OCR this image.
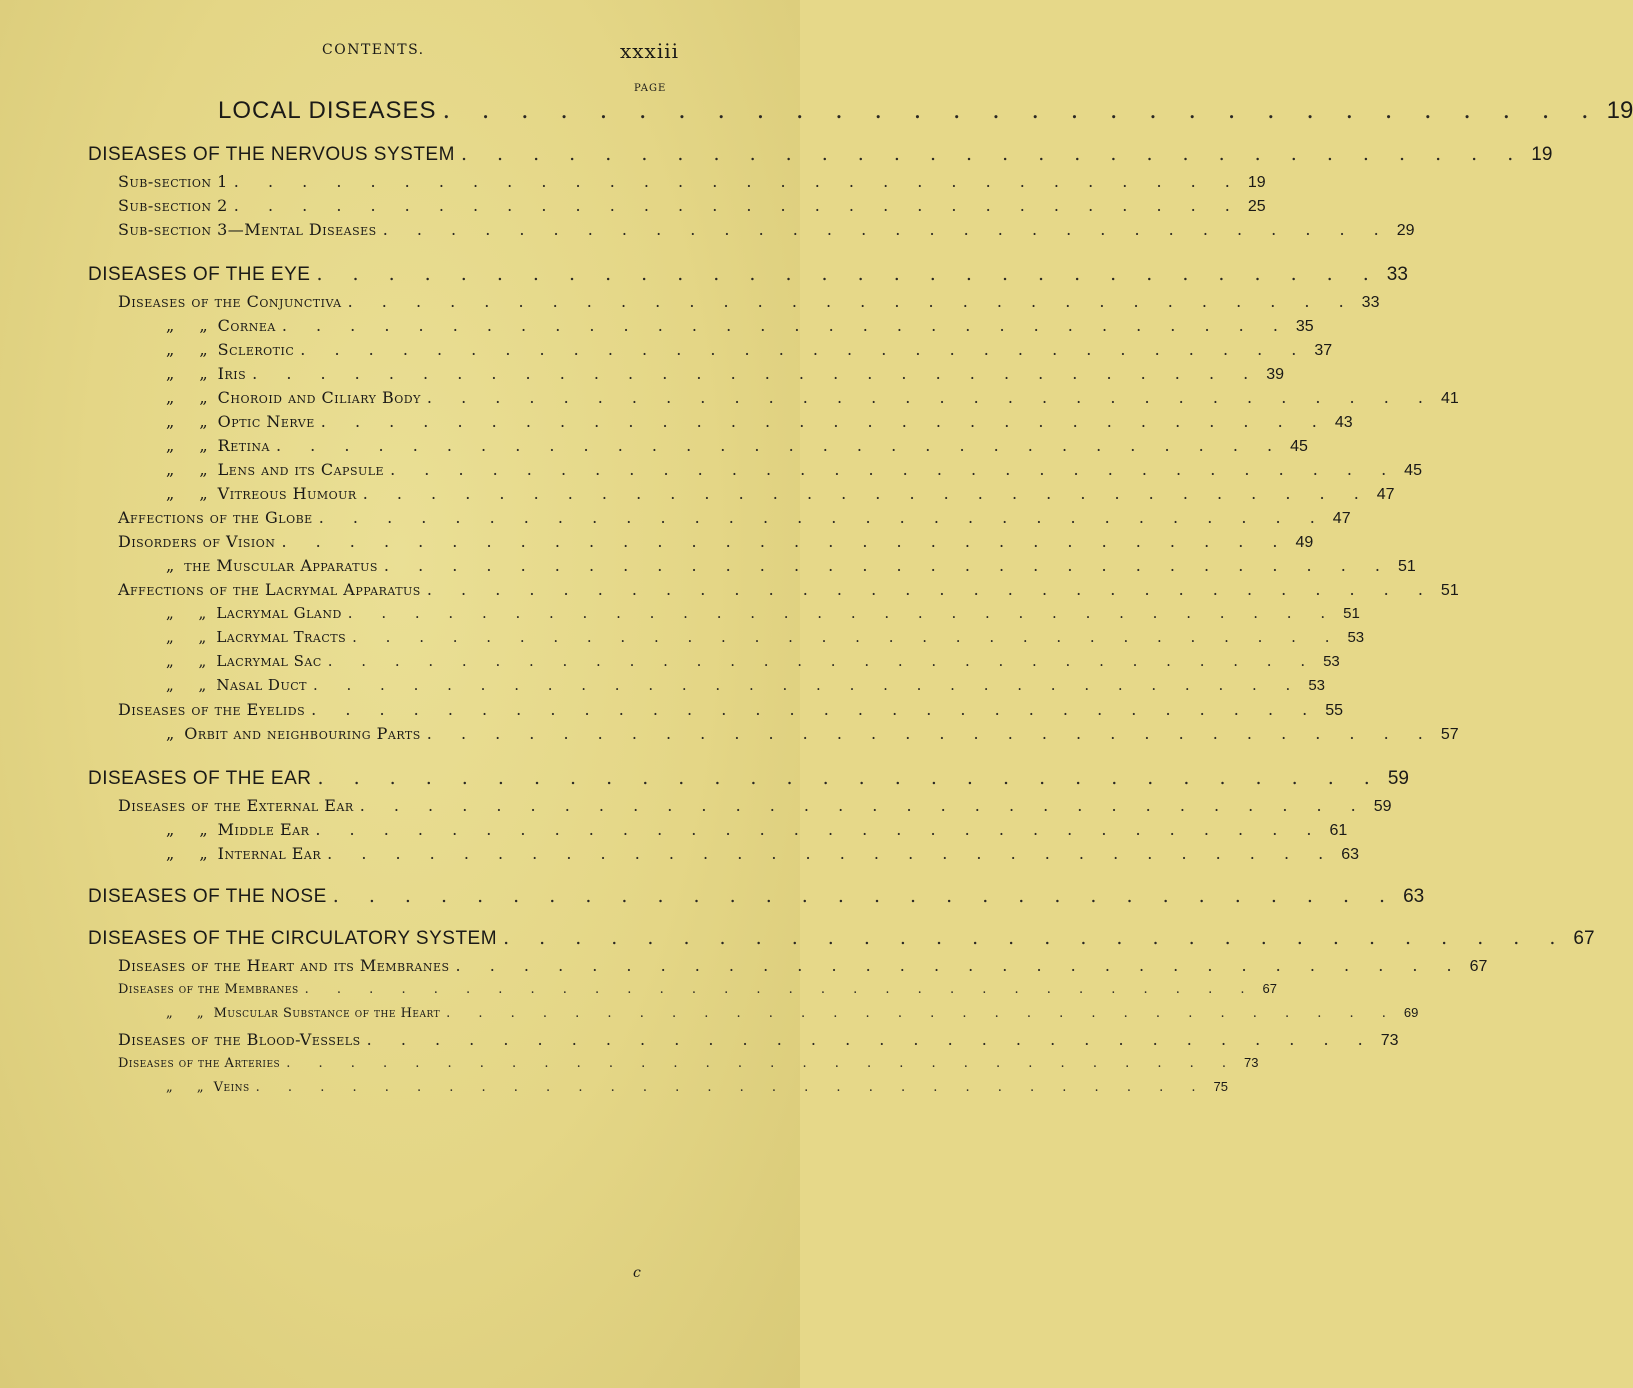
CONTENTS.	xxxiii
PAGE
LOCAL DISEASES . . . . . . . . . . . . . . . . . . . . . . . . . . . . . . 19
DISEASES OF THE NERVOUS SYSTEM . . . . . . . . . . . . . . . . . . . . . . . . . . . . . . 19
Sub-section 1 . . . . . . . . . . . . . . . . . . . . . . . . . . . . . . 19
Sub-section 2 . . . . . . . . . . . . . . . . . . . . . . . . . . . . . . 25
Sub-section 3—Mental Diseases . . . . . . . . . . . . . . . . . . . . . . . . . . . . . . 29
DISEASES OF THE EYE . . . . . . . . . . . . . . . . . . . . . . . . . . . . . . 33
Diseases of the Conjunctiva . . . . . . . . . . . . . . . . . . . . . . . . . . . . . . 33
„ „ Cornea . . . . . . . . . . . . . . . . . . . . . . . . . . . . . . 35
„ „ Sclerotic . . . . . . . . . . . . . . . . . . . . . . . . . . . . . . 37
„ „ Iris . . . . . . . . . . . . . . . . . . . . . . . . . . . . . . 39
„ „ Choroid and Ciliary Body . . . . . . . . . . . . . . . . . . . . . . . . . . . . . . 41
„ „ Optic Nerve . . . . . . . . . . . . . . . . . . . . . . . . . . . . . . 43
„ „ Retina . . . . . . . . . . . . . . . . . . . . . . . . . . . . . . 45
„ „ Lens and its Capsule . . . . . . . . . . . . . . . . . . . . . . . . . . . . . . 45
„ „ Vitreous Humour . . . . . . . . . . . . . . . . . . . . . . . . . . . . . . 47
Affections of the Globe . . . . . . . . . . . . . . . . . . . . . . . . . . . . . . 47
Disorders of Vision . . . . . . . . . . . . . . . . . . . . . . . . . . . . . . 49
„ the Muscular Apparatus . . . . . . . . . . . . . . . . . . . . . . . . . . . . . . 51
Affections of the Lacrymal Apparatus . . . . . . . . . . . . . . . . . . . . . . . . . . . . . . 51
„ „ Lacrymal Gland . . . . . . . . . . . . . . . . . . . . . . . . . . . . . . 51
„ „ Lacrymal Tracts . . . . . . . . . . . . . . . . . . . . . . . . . . . . . . 53
„ „ Lacrymal Sac . . . . . . . . . . . . . . . . . . . . . . . . . . . . . . 53
„ „ Nasal Duct . . . . . . . . . . . . . . . . . . . . . . . . . . . . . . 53
Diseases of the Eyelids . . . . . . . . . . . . . . . . . . . . . . . . . . . . . . 55
„ Orbit and neighbouring Parts . . . . . . . . . . . . . . . . . . . . . . . . . . . . . . 57
DISEASES OF THE EAR . . . . . . . . . . . . . . . . . . . . . . . . . . . . . . 59
Diseases of the External Ear . . . . . . . . . . . . . . . . . . . . . . . . . . . . . . 59
„ „ Middle Ear . . . . . . . . . . . . . . . . . . . . . . . . . . . . . . 61
„ „ Internal Ear . . . . . . . . . . . . . . . . . . . . . . . . . . . . . . 63
DISEASES OF THE NOSE . . . . . . . . . . . . . . . . . . . . . . . . . . . . . . 63
DISEASES OF THE CIRCULATORY SYSTEM . . . . . . . . . . . . . . . . . . . . . . . . . . . . . . 67
Diseases of the Heart and its Membranes . . . . . . . . . . . . . . . . . . . . . . . . . . . . . . 67
Diseases of the Membranes . . . . . . . . . . . . . . . . . . . . . . . . . . . . . . 67
„ „ Muscular Substance of the Heart . . . . . . . . . . . . . . . . . . . . . . . . . . . . . . 69
Diseases of the Blood-Vessels . . . . . . . . . . . . . . . . . . . . . . . . . . . . . . 73
Diseases of the Arteries . . . . . . . . . . . . . . . . . . . . . . . . . . . . . . 73
„ „ Veins . . . . . . . . . . . . . . . . . . . . . . . . . . . . . . 75
c
